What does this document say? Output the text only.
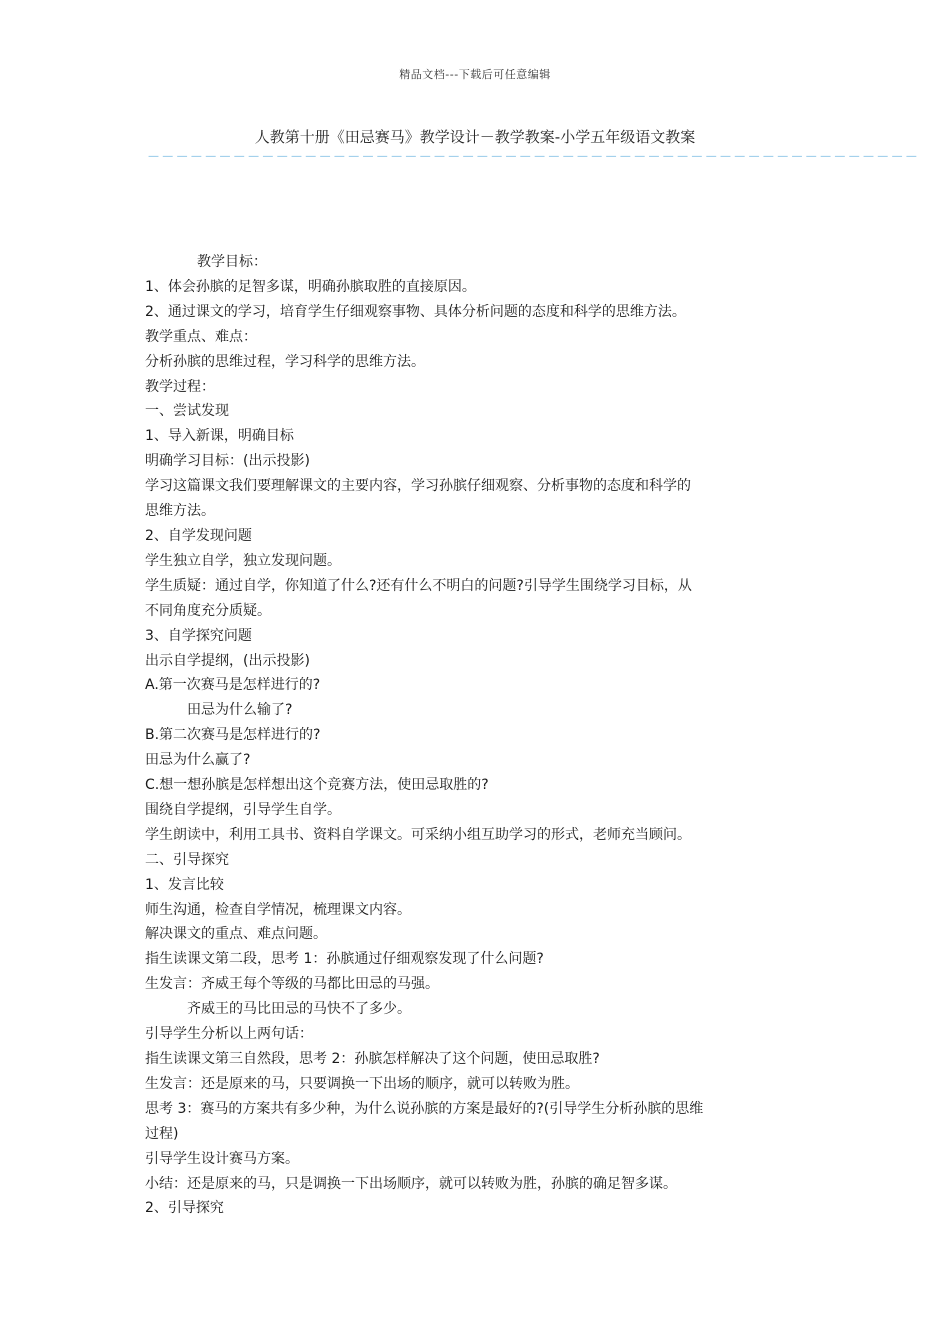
精品文档---下载后可任意编辑
人教第十册《田忌赛马》教学设计－教学教案-小学五年级语文教案
－－－－－－－－－－－－－－－－－－－－－－－－－－－－－－－－－－－－－－－－－－－－－－－－－－－－－－
教学目标：
1、体会孙膑的足智多谋，明确孙膑取胜的直接原因。
2、通过课文的学习，培育学生仔细观察事物、具体分析问题的态度和科学的思维方法。
教学重点、难点：
分析孙膑的思维过程，学习科学的思维方法。
教学过程：
一、尝试发现
1、导入新课，明确目标
明确学习目标：(出示投影)
学习这篇课文我们要理解课文的主要内容，学习孙膑仔细观察、分析事物的态度和科学的
思维方法。
2、自学发现问题
学生独立自学，独立发现问题。
学生质疑：通过自学，你知道了什么?还有什么不明白的问题?引导学生围绕学习目标，从
不同角度充分质疑。
3、自学探究问题
出示自学提纲，(出示投影)
A.第一次赛马是怎样进行的?
田忌为什么输了?
B.第二次赛马是怎样进行的?
田忌为什么赢了?
C.想一想孙膑是怎样想出这个竞赛方法，使田忌取胜的?
围绕自学提纲，引导学生自学。
学生朗读中，利用工具书、资料自学课文。可采纳小组互助学习的形式，老师充当顾问。
二、引导探究
1、发言比较
师生沟通，检查自学情况，梳理课文内容。
解决课文的重点、难点问题。
指生读课文第二段，思考 1：孙膑通过仔细观察发现了什么问题?
生发言：齐威王每个等级的马都比田忌的马强。
齐威王的马比田忌的马快不了多少。
引导学生分析以上两句话：
指生读课文第三自然段，思考 2：孙膑怎样解决了这个问题，使田忌取胜?
生发言：还是原来的马，只要调换一下出场的顺序，就可以转败为胜。
思考 3：赛马的方案共有多少种，为什么说孙膑的方案是最好的?(引导学生分析孙膑的思维
过程)
引导学生设计赛马方案。
小结：还是原来的马，只是调换一下出场顺序，就可以转败为胜，孙膑的确足智多谋。
2、引导探究
